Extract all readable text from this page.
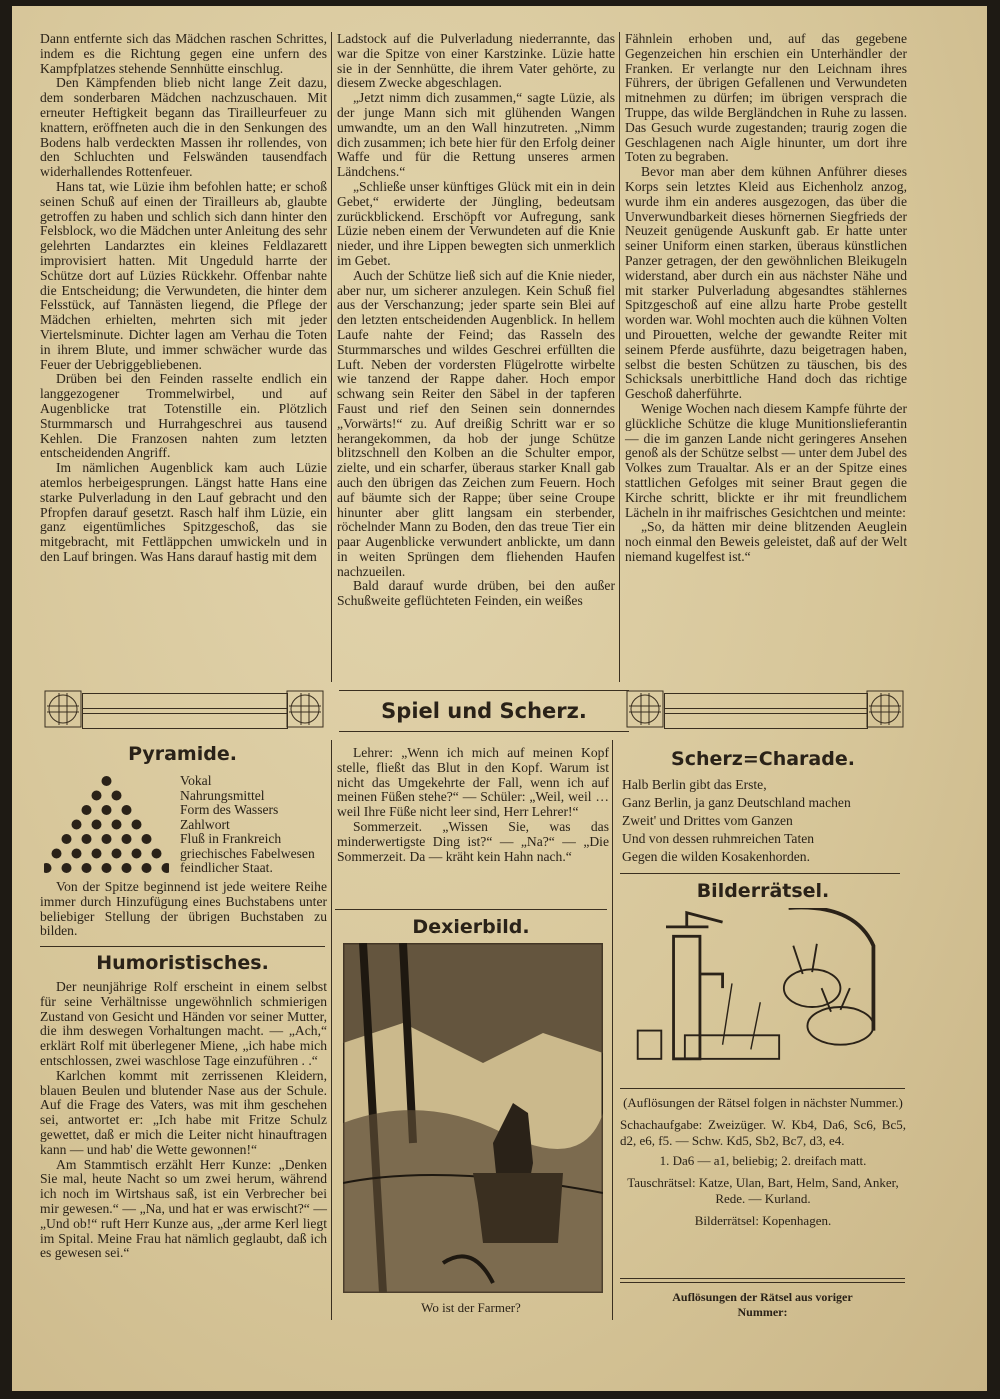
Dann entfernte sich das Mädchen raschen Schrittes, indem es die Richtung gegen eine unfern des Kampfplatzes stehende Sennhütte einschlug.

Den Kämpfenden blieb nicht lange Zeit dazu, dem sonderbaren Mädchen nachzuschauen. Mit erneuter Heftigkeit begann das Tirailleurfeuer zu knattern, eröffneten auch die in den Senkungen des Bodens halb verdeckten Massen ihr rollendes, von den Schluchten und Felswänden tausendfach widerhallendes Rottenfeuer.

Hans tat, wie Lüzie ihm befohlen hatte; er schoß seinen Schuß auf einen der Tirailleurs ab, glaubte getroffen zu haben und schlich sich dann hinter den Felsblock, wo die Mädchen unter Anleitung des sehr gelehrten Landarztes ein kleines Feldlazarett improvisiert hatten. Mit Ungeduld harrte der Schütze dort auf Lüzies Rückkehr. Offenbar nahte die Entscheidung; die Verwundeten, die hinter dem Felsstück, auf Tannästen liegend, die Pflege der Mädchen erhielten, mehrten sich mit jeder Viertelsminute. Dichter lagen am Verhau die Toten in ihrem Blute, und immer schwächer wurde das Feuer der Uebriggebliebenen.

Drüben bei den Feinden rasselte endlich ein langgezogener Trommelwirbel, und auf Augenblicke trat Totenstille ein. Plötzlich Sturmmarsch und Hurrahgeschrei aus tausend Kehlen. Die Franzosen nahten zum letzten entscheidenden Angriff.

Im nämlichen Augenblick kam auch Lüzie atemlos herbeigesprungen. Längst hatte Hans eine starke Pulverladung in den Lauf gebracht und den Pfropfen darauf gesetzt. Rasch half ihm Lüzie, ein ganz eigentümliches Spitzgeschoß, das sie mitgebracht, mit Fettläppchen umwickeln und in den Lauf bringen. Was Hans darauf hastig mit dem

Ladstock auf die Pulverladung niederrannte, das war die Spitze von einer Karstzinke. Lüzie hatte sie in der Sennhütte, die ihrem Vater gehörte, zu diesem Zwecke abgeschlagen.

„Jetzt nimm dich zusammen,“ sagte Lüzie, als der junge Mann sich mit glühenden Wangen umwandte, um an den Wall hinzutreten. „Nimm dich zusammen; ich bete hier für den Erfolg deiner Waffe und für die Rettung unseres armen Ländchens.“

„Schließe unser künftiges Glück mit ein in dein Gebet,“ erwiderte der Jüngling, bedeutsam zurückblickend. Erschöpft vor Aufregung, sank Lüzie neben einem der Verwundeten auf die Knie nieder, und ihre Lippen bewegten sich unmerklich im Gebet.

Auch der Schütze ließ sich auf die Knie nieder, aber nur, um sicherer anzulegen. Kein Schuß fiel aus der Verschanzung; jeder sparte sein Blei auf den letzten entscheidenden Augenblick. In hellem Laufe nahte der Feind; das Rasseln des Sturmmarsches und wildes Geschrei erfüllten die Luft. Neben der vordersten Flügelrotte wirbelte wie tanzend der Rappe daher. Hoch empor schwang sein Reiter den Säbel in der tapferen Faust und rief den Seinen sein donnerndes „Vorwärts!“ zu. Auf dreißig Schritt war er so herangekommen, da hob der junge Schütze blitzschnell den Kolben an die Schulter empor, zielte, und ein scharfer, überaus starker Knall gab auch den übrigen das Zeichen zum Feuern. Hoch auf bäumte sich der Rappe; über seine Croupe hinunter aber glitt langsam ein sterbender, röchelnder Mann zu Boden, den das treue Tier ein paar Augenblicke verwundert anblickte, um dann in weiten Sprüngen dem fliehenden Haufen nachzueilen.

Bald darauf wurde drüben, bei den außer Schußweite geflüchteten Feinden, ein weißes

Fähnlein erhoben und, auf das gegebene Gegenzeichen hin erschien ein Unterhändler der Franken. Er verlangte nur den Leichnam ihres Führers, der übrigen Gefallenen und Verwundeten mitnehmen zu dürfen; im übrigen versprach die Truppe, das wilde Bergländchen in Ruhe zu lassen. Das Gesuch wurde zugestanden; traurig zogen die Geschlagenen nach Aigle hinunter, um dort ihre Toten zu begraben.

Bevor man aber dem kühnen Anführer dieses Korps sein letztes Kleid aus Eichenholz anzog, wurde ihm ein anderes ausgezogen, das über die Unverwundbarkeit dieses hörnernen Siegfrieds der Neuzeit genügende Auskunft gab. Er hatte unter seiner Uniform einen starken, überaus künstlichen Panzer getragen, der den gewöhnlichen Bleikugeln widerstand, aber durch ein aus nächster Nähe und mit starker Pulverladung abgesandtes stählernes Spitzgeschoß auf eine allzu harte Probe gestellt worden war. Wohl mochten auch die kühnen Volten und Pirouetten, welche der gewandte Reiter mit seinem Pferde ausführte, dazu beigetragen haben, selbst die besten Schützen zu täuschen, bis des Schicksals unerbittliche Hand doch das richtige Geschoß daherführte.

Wenige Wochen nach diesem Kampfe führte der glückliche Schütze die kluge Munitionslieferantin — die im ganzen Lande nicht geringeres Ansehen genoß als der Schütze selbst — unter dem Jubel des Volkes zum Traualtar. Als er an der Spitze eines stattlichen Gefolges mit seiner Braut gegen die Kirche schritt, blickte er ihr mit freundlichem Lächeln in ihr maifrisches Gesichtchen und meinte:

„So, da hätten mir deine blitzenden Aeuglein noch einmal den Beweis geleistet, daß auf der Welt niemand kugelfest ist.“

Spiel und Scherz.
Pyramide.
Vokal
Nahrungsmittel
Form des Wassers
Zahlwort
Fluß in Frankreich
griechisches Fabelwesen
feindlicher Staat.

Von der Spitze beginnend ist jede weitere Reihe immer durch Hinzufügung eines Buchstabens unter beliebiger Stellung der übrigen Buchstaben zu bilden.

Humoristisches.

Der neunjährige Rolf erscheint in einem selbst für seine Verhältnisse ungewöhnlich schmierigen Zustand von Gesicht und Händen vor seiner Mutter, die ihm deswegen Vorhaltungen macht. — „Ach,“ erklärt Rolf mit überlegener Miene, „ich habe mich entschlossen, zwei waschlose Tage einzuführen . .“

Karlchen kommt mit zerrissenen Kleidern, blauen Beulen und blutender Nase aus der Schule. Auf die Frage des Vaters, was mit ihm geschehen sei, antwortet er: „Ich habe mit Fritze Schulz gewettet, daß er mich die Leiter nicht hinauftragen kann — und hab' die Wette gewonnen!“

Am Stammtisch erzählt Herr Kunze: „Denken Sie mal, heute Nacht so um zwei herum, während ich noch im Wirtshaus saß, ist ein Verbrecher bei mir gewesen.“ — „Na, und hat er was erwischt?“ — „Und ob!“ ruft Herr Kunze aus, „der arme Kerl liegt im Spital. Meine Frau hat nämlich geglaubt, daß ich es gewesen sei.“

Lehrer: „Wenn ich mich auf meinen Kopf stelle, fließt das Blut in den Kopf. Warum ist nicht das Umgekehrte der Fall, wenn ich auf meinen Füßen stehe?“ — Schüler: „Weil, weil … weil Ihre Füße nicht leer sind, Herr Lehrer!“

Sommerzeit. „Wissen Sie, was das minderwertigste Ding ist?“ — „Na?“ — „Die Sommerzeit. Da — kräht kein Hahn nach.“

Dexierbild.
Wo ist der Farmer?
Scherz=Charade.
Halb Berlin gibt das Erste,
Ganz Berlin, ja ganz Deutschland machen
Zweit' und Drittes vom Ganzen
Und von dessen ruhmreichen Taten
Gegen die wilden Kosakenhorden.
Bilderrätsel.
(Auflösungen der Rätsel folgen in nächster Nummer.)
Schachaufgabe: Zweizüger. W. Kb4, Da6, Sc6, Bc5, d2, e6, f5. — Schw. Kd5, Sb2, Bc7, d3, e4.
1. Da6 — a1, beliebig; 2. dreifach matt.
Tauschrätsel: Katze, Ulan, Bart, Helm, Sand, Anker, Rede. — Kurland.
Bilderrätsel: Kopenhagen.
Auflösungen der Rätsel aus voriger Nummer:
